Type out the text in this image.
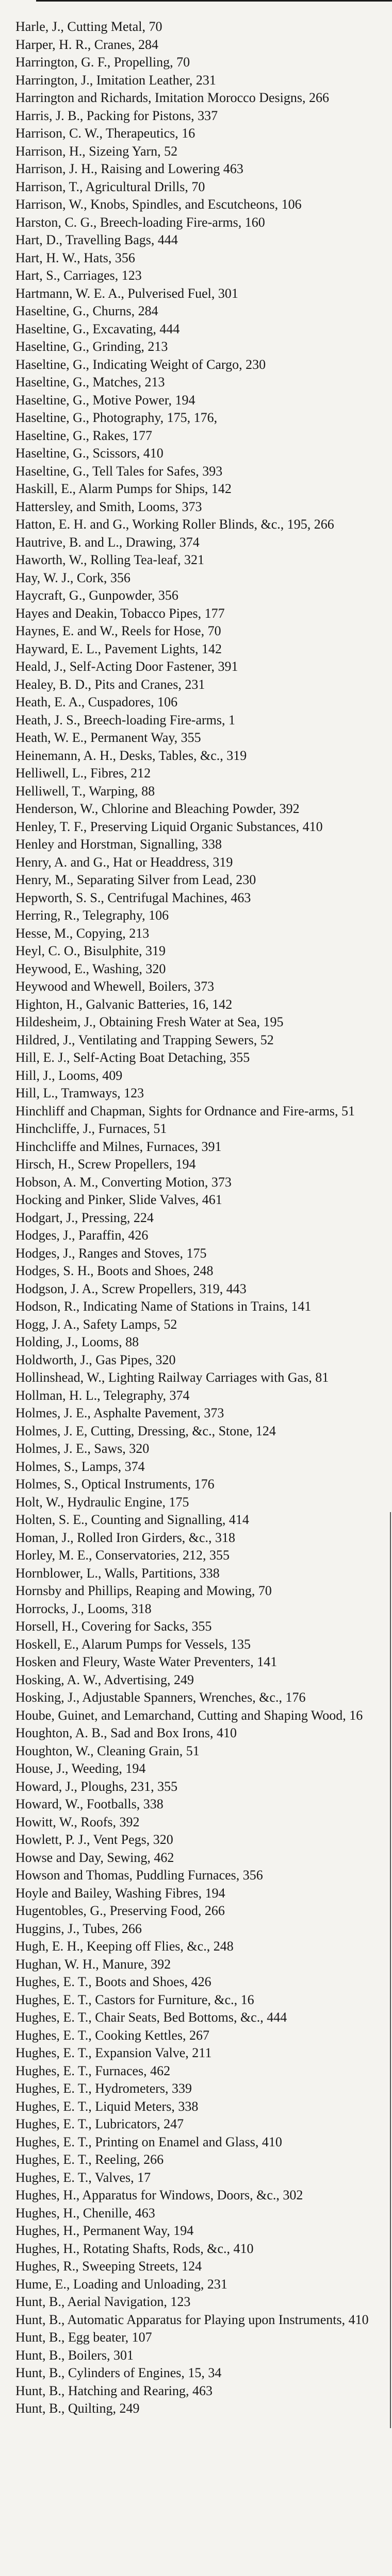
Harle, J., Cutting Metal, 70
Harper, H. R., Cranes, 284
Harrington, G. F., Propelling, 70
Harrington, J., Imitation Leather, 231
Harrington and Richards, Imitation Morocco Designs, 266
Harris, J. B., Packing for Pistons, 337
Harrison, C. W., Therapeutics, 16
Harrison, H., Sizeing Yarn, 52
Harrison, J. H., Raising and Lowering 463
Harrison, T., Agricultural Drills, 70
Harrison, W., Knobs, Spindles, and Escutcheons, 106
Harston, C. G., Breech-loading Fire-arms, 160
Hart, D., Travelling Bags, 444
Hart, H. W., Hats, 356
Hart, S., Carriages, 123
Hartmann, W. E. A., Pulverised Fuel, 301
Haseltine, G., Churns, 284
Haseltine, G., Excavating, 444
Haseltine, G., Grinding, 213
Haseltine, G., Indicating Weight of Cargo, 230
Haseltine, G., Matches, 213
Haseltine, G., Motive Power, 194
Haseltine, G., Photography, 175, 176,
Haseltine, G., Rakes, 177
Haseltine, G., Scissors, 410
Haseltine, G., Tell Tales for Safes, 393
Haskill, E., Alarm Pumps for Ships, 142
Hattersley, and Smith, Looms, 373
Hatton, E. H. and G., Working Roller Blinds, &c., 195, 266
Hautrive, B. and L., Drawing, 374
Haworth, W., Rolling Tea-leaf, 321
Hay, W. J., Cork, 356
Haycraft, G., Gunpowder, 356
Hayes and Deakin, Tobacco Pipes, 177
Haynes, E. and W., Reels for Hose, 70
Hayward, E. L., Pavement Lights, 142
Heald, J., Self-Acting Door Fastener, 391
Healey, B. D., Pits and Cranes, 231
Heath, E. A., Cuspadores, 106
Heath, J. S., Breech-loading Fire-arms, 1
Heath, W. E., Permanent Way, 355
Heinemann, A. H., Desks, Tables, &c., 319
Helliwell, L., Fibres, 212
Helliwell, T., Warping, 88
Henderson, W., Chlorine and Bleaching Powder, 392
Henley, T. F., Preserving Liquid Organic Substances, 410
Henley and Horstman, Signalling, 338
Henry, A. and G., Hat or Headdress, 319
Henry, M., Separating Silver from Lead, 230
Hepworth, S. S., Centrifugal Machines, 463
Herring, R., Telegraphy, 106
Hesse, M., Copying, 213
Heyl, C. O., Bisulphite, 319
Heywood, E., Washing, 320
Heywood and Whewell, Boilers, 373
Highton, H., Galvanic Batteries, 16, 142
Hildesheim, J., Obtaining Fresh Water at Sea, 195
Hildred, J., Ventilating and Trapping Sewers, 52
Hill, E. J., Self-Acting Boat Detaching, 355
Hill, J., Looms, 409
Hill, L., Tramways, 123
Hinchliff and Chapman, Sights for Ordnance and Fire-arms, 51
Hinchcliffe, J., Furnaces, 51
Hinchcliffe and Milnes, Furnaces, 391
Hirsch, H., Screw Propellers, 194
Hobson, A. M., Converting Motion, 373
Hocking and Pinker, Slide Valves, 461
Hodgart, J., Pressing, 224
Hodges, J., Paraffin, 426
Hodges, J., Ranges and Stoves, 175
Hodges, S. H., Boots and Shoes, 248
Hodgson, J. A., Screw Propellers, 319, 443
Hodson, R., Indicating Name of Stations in Trains, 141
Hogg, J. A., Safety Lamps, 52
Holding, J., Looms, 88
Holdworth, J., Gas Pipes, 320
Hollinshead, W., Lighting Railway Carriages with Gas, 81
Hollman, H. L., Telegraphy, 374
Holmes, J. E., Asphalte Pavement, 373
Holmes, J. E, Cutting, Dressing, &c., Stone, 124
Holmes, J. E., Saws, 320
Holmes, S., Lamps, 374
Holmes, S., Optical Instruments, 176
Holt, W., Hydraulic Engine, 175
Holten, S. E., Counting and Signalling, 414
Homan, J., Rolled Iron Girders, &c., 318
Horley, M. E., Conservatories, 212, 355
Hornblower, L., Walls, Partitions, 338
Hornsby and Phillips, Reaping and Mowing, 70
Horrocks, J., Looms, 318
Horsell, H., Covering for Sacks, 355
Hoskell, E., Alarum Pumps for Vessels, 135
Hosken and Fleury, Waste Water Preventers, 141
Hosking, A. W., Advertising, 249
Hosking, J., Adjustable Spanners, Wrenches, &c., 176
Hoube, Guinet, and Lemarchand, Cutting and Shaping Wood, 16
Houghton, A. B., Sad and Box Irons, 410
Houghton, W., Cleaning Grain, 51
House, J., Weeding, 194
Howard, J., Ploughs, 231, 355
Howard, W., Footballs, 338
Howitt, W., Roofs, 392
Howlett, P. J., Vent Pegs, 320
Howse and Day, Sewing, 462
Howson and Thomas, Puddling Furnaces, 356
Hoyle and Bailey, Washing Fibres, 194
Hugentobles, G., Preserving Food, 266
Huggins, J., Tubes, 266
Hugh, E. H., Keeping off Flies, &c., 248
Hughan, W. H., Manure, 392
Hughes, E. T., Boots and Shoes, 426
Hughes, E. T., Castors for Furniture, &c., 16
Hughes, E. T., Chair Seats, Bed Bottoms, &c., 444
Hughes, E. T., Cooking Kettles, 267
Hughes, E. T., Expansion Valve, 211
Hughes, E. T., Furnaces, 462
Hughes, E. T., Hydrometers, 339
Hughes, E. T., Liquid Meters, 338
Hughes, E. T., Lubricators, 247
Hughes, E. T., Printing on Enamel and Glass, 410
Hughes, E. T., Reeling, 266
Hughes, E. T., Valves, 17
Hughes, H., Apparatus for Windows, Doors, &c., 302
Hughes, H., Chenille, 463
Hughes, H., Permanent Way, 194
Hughes, H., Rotating Shafts, Rods, &c., 410
Hughes, R., Sweeping Streets, 124
Hume, E., Loading and Unloading, 231
Hunt, B., Aerial Navigation, 123
Hunt, B., Automatic Apparatus for Playing upon Instruments, 410
Hunt, B., Egg beater, 107
Hunt, B., Boilers, 301
Hunt, B., Cylinders of Engines, 15, 34
Hunt, B., Hatching and Rearing, 463
Hunt, B., Quilting, 249
